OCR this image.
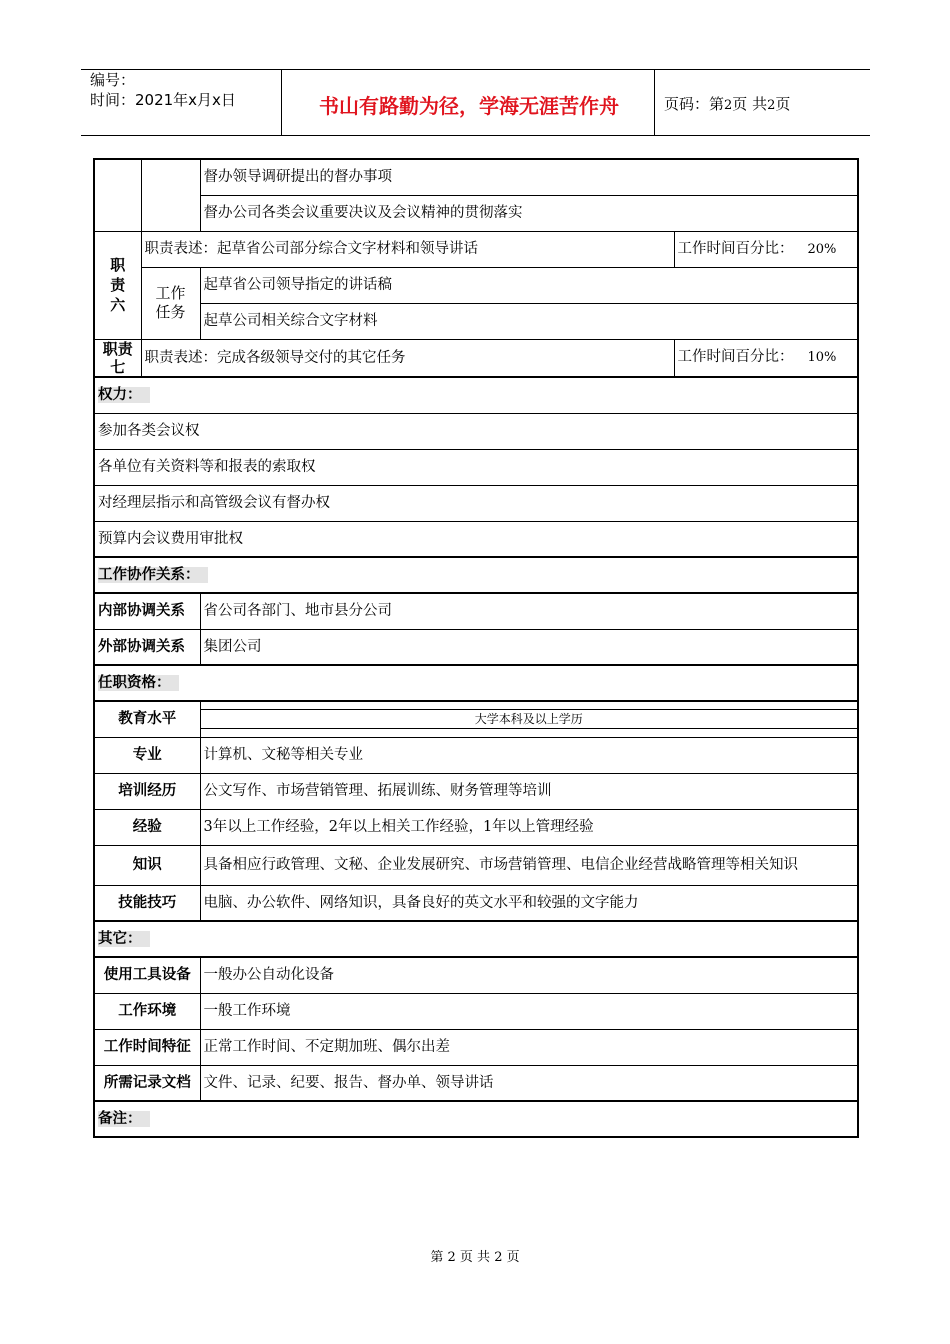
编号：
时间：2021年x月x日	书山有路勤为径，学海无涯苦作舟	页码：第2页 共2页
		督办领导调研提出的督办事项	
		督办公司各类会议重要决议及会议精神的贯彻落实	
职责六	职责表述：起草省公司部分综合文字材料和领导讲话		工作时间百分比： 20%
	工作任务	起草省公司领导指定的讲话稿	
		起草公司相关综合文字材料	
职责七	职责表述：完成各级领导交付的其它任务		工作时间百分比： 10%
权力：			
参加各类会议权			
各单位有关资料等和报表的索取权			
对经理层指示和高管级会议有督办权			
预算内会议费用审批权			
工作协作关系：			
内部协调关系		省公司各部门、地市县分公司	
外部协调关系		集团公司	
任职资格：			
教育水平		大学本科及以上学历	

专业		计算机、文秘等相关专业	
培训经历		公文写作、市场营销管理、拓展训练、财务管理等培训	
经验		3年以上工作经验，2年以上相关工作经验，1年以上管理经验	
知识		具备相应行政管理、文秘、企业发展研究、市场营销管理、电信企业经营战略管理等相关知识	
技能技巧		电脑、办公软件、网络知识，具备良好的英文水平和较强的文字能力	
其它：			
使用工具设备		一般办公自动化设备	
工作环境		一般工作环境	
工作时间特征		正常工作时间、不定期加班、偶尔出差	
所需记录文档		文件、记录、纪要、报告、督办单、领导讲话	
备注：			
第 2 页 共 2 页
